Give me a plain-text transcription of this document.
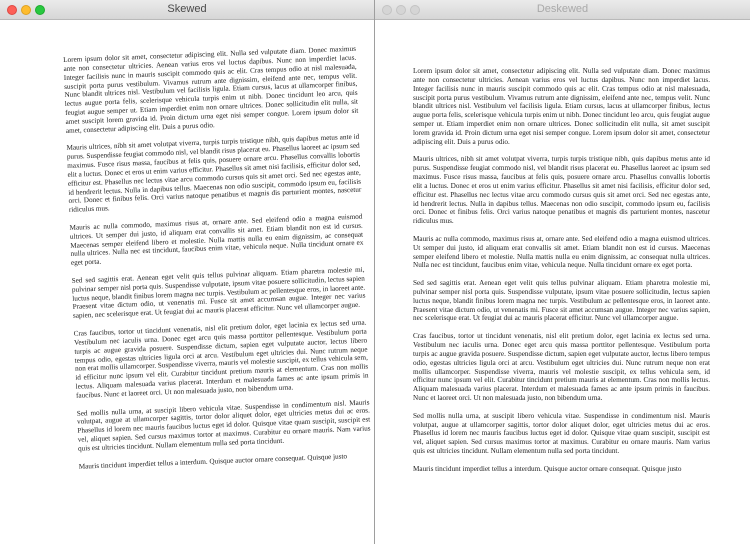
Skewed

Lorem ipsum dolor sit amet, consectetur adipiscing elit. Nulla sed vulputate diam. Donec maximus ante non consectetur ultricies. Aenean varius eros vel luctus dapibus. Nunc non imperdiet lacus. Integer facilisis nunc in mauris suscipit commodo quis ac elit. Cras tempus odio at nisl malesuada, suscipit porta purus vestibulum. Vivamus rutrum ante dignissim, eleifend ante nec, tempus velit. Nunc blandit ultrices nisl. Vestibulum vel facilisis ligula. Etiam cursus, lacus at ullamcorper finibus, lectus augue porta felis, scelerisque vehicula turpis enim ut nibh. Donec tincidunt leo arcu, quis feugiat augue semper ut. Etiam imperdiet enim non ornare ultrices. Donec sollicitudin elit nulla, sit amet suscipit lorem gravida id. Proin dictum urna eget nisi semper congue. Lorem ipsum dolor sit amet, consectetur adipiscing elit. Duis a purus odio.

Mauris ultrices, nibh sit amet volutpat viverra, turpis turpis tristique nibh, quis dapibus metus ante id purus. Suspendisse feugiat commodo nisl, vel blandit risus placerat eu. Phasellus laoreet ac ipsum sed maximus. Fusce risus massa, faucibus at felis quis, posuere ornare arcu. Phasellus convallis lobortis elit a luctus. Donec et eros ut enim varius efficitur. Phasellus sit amet nisi facilisis, efficitur dolor sed, efficitur est. Phasellus nec lectus vitae arcu commodo cursus quis sit amet orci. Sed nec egestas ante, id hendrerit lectus. Nulla in dapibus tellus. Maecenas non odio suscipit, commodo ipsum eu, facilisis orci. Donec et finibus felis. Orci varius natoque penatibus et magnis dis parturient montes, nascetur ridiculus mus.

Mauris ac nulla commodo, maximus risus at, ornare ante. Sed eleifend odio a magna euismod ultrices. Ut semper dui justo, id aliquam erat convallis sit amet. Etiam blandit non est id cursus. Maecenas semper eleifend libero et molestie. Nulla mattis nulla eu enim dignissim, ac consequat nulla ultrices. Nulla nec est tincidunt, faucibus enim vitae, vehicula neque. Nulla tincidunt ornare ex eget porta.

Sed sed sagittis erat. Aenean eget velit quis tellus pulvinar aliquam. Etiam pharetra molestie mi, pulvinar semper nisl porta quis. Suspendisse vulputate, ipsum vitae posuere sollicitudin, lectus sapien luctus neque, blandit finibus lorem magna nec turpis. Vestibulum ac pellentesque eros, in laoreet ante. Praesent vitae dictum odio, ut venenatis mi. Fusce sit amet accumsan augue. Integer nec varius sapien, nec scelerisque erat. Ut feugiat dui ac mauris placerat efficitur. Nunc vel ullamcorper augue.

Cras faucibus, tortor ut tincidunt venenatis, nisl elit pretium dolor, eget lacinia ex lectus sed urna. Vestibulum nec iaculis urna. Donec eget arcu quis massa porttitor pellentesque. Vestibulum porta turpis ac augue gravida posuere. Suspendisse dictum, sapien eget vulputate auctor, lectus libero tempus odio, egestas ultricies ligula orci at arcu. Vestibulum eget ultricies dui. Nunc rutrum neque non erat mollis ullamcorper. Suspendisse viverra, mauris vel molestie suscipit, ex tellus vehicula sem, id efficitur nunc ipsum vel elit. Curabitur tincidunt pretium mauris at elementum. Cras non mollis lectus. Aliquam malesuada varius placerat. Interdum et malesuada fames ac ante ipsum primis in faucibus. Nunc et laoreet orci. Ut non malesuada justo, non bibendum urna.

Sed mollis nulla urna, at suscipit libero vehicula vitae. Suspendisse in condimentum nisl. Mauris volutpat, augue at ullamcorper sagittis, tortor dolor aliquet dolor, eget ultricies metus dui ac eros. Phasellus id lorem nec mauris faucibus luctus eget id dolor. Quisque vitae quam suscipit, suscipit est vel, aliquet sapien. Sed cursus maximus tortor at maximus. Curabitur eu ornare mauris. Nam varius quis est ultricies tincidunt. Nullam elementum nulla sed porta tincidunt.

Mauris tincidunt imperdiet tellus a interdum. Quisque auctor ornare consequat. Quisque justo

Deskewed

Lorem ipsum dolor sit amet, consectetur adipiscing elit. Nulla sed vulputate diam. Donec maximus ante non consectetur ultricies. Aenean varius eros vel luctus dapibus. Nunc non imperdiet lacus. Integer facilisis nunc in mauris suscipit commodo quis ac elit. Cras tempus odio at nisl malesuada, suscipit porta purus vestibulum. Vivamus rutrum ante dignissim, eleifend ante nec, tempus velit. Nunc blandit ultrices nisl. Vestibulum vel facilisis ligula. Etiam cursus, lacus at ullamcorper finibus, lectus augue porta felis, scelerisque vehicula turpis enim ut nibh. Donec tincidunt leo arcu, quis feugiat augue semper ut. Etiam imperdiet enim non ornare ultrices. Donec sollicitudin elit nulla, sit amet suscipit lorem gravida id. Proin dictum urna eget nisi semper congue. Lorem ipsum dolor sit amet, consectetur adipiscing elit. Duis a purus odio.

Mauris ultrices, nibh sit amet volutpat viverra, turpis turpis tristique nibh, quis dapibus metus ante id purus. Suspendisse feugiat commodo nisl, vel blandit risus placerat eu. Phasellus laoreet ac ipsum sed maximus. Fusce risus massa, faucibus at felis quis, posuere ornare arcu. Phasellus convallis lobortis elit a luctus. Donec et eros ut enim varius efficitur. Phasellus sit amet nisi facilisis, efficitur dolor sed, efficitur est. Phasellus nec lectus vitae arcu commodo cursus quis sit amet orci. Sed nec egestas ante, id hendrerit lectus. Nulla in dapibus tellus. Maecenas non odio suscipit, commodo ipsum eu, facilisis orci. Donec et finibus felis. Orci varius natoque penatibus et magnis dis parturient montes, nascetur ridiculus mus.

Mauris ac nulla commodo, maximus risus at, ornare ante. Sed eleifend odio a magna euismod ultrices. Ut semper dui justo, id aliquam erat convallis sit amet. Etiam blandit non est id cursus. Maecenas semper eleifend libero et molestie. Nulla mattis nulla eu enim dignissim, ac consequat nulla ultrices. Nulla nec est tincidunt, faucibus enim vitae, vehicula neque. Nulla tincidunt ornare ex eget porta.

Sed sed sagittis erat. Aenean eget velit quis tellus pulvinar aliquam. Etiam pharetra molestie mi, pulvinar semper nisl porta quis. Suspendisse vulputate, ipsum vitae posuere sollicitudin, lectus sapien luctus neque, blandit finibus lorem magna nec turpis. Vestibulum ac pellentesque eros, in laoreet ante. Praesent vitae dictum odio, ut venenatis mi. Fusce sit amet accumsan augue. Integer nec varius sapien, nec scelerisque erat. Ut feugiat dui ac mauris placerat efficitur. Nunc vel ullamcorper augue.

Cras faucibus, tortor ut tincidunt venenatis, nisl elit pretium dolor, eget lacinia ex lectus sed urna. Vestibulum nec iaculis urna. Donec eget arcu quis massa porttitor pellentesque. Vestibulum porta turpis ac augue gravida posuere. Suspendisse dictum, sapien eget vulputate auctor, lectus libero tempus odio, egestas ultricies ligula orci at arcu. Vestibulum eget ultricies dui. Nunc rutrum neque non erat mollis ullamcorper. Suspendisse viverra, mauris vel molestie suscipit, ex tellus vehicula sem, id efficitur nunc ipsum vel elit. Curabitur tincidunt pretium mauris at elementum. Cras non mollis lectus. Aliquam malesuada varius placerat. Interdum et malesuada fames ac ante ipsum primis in faucibus. Nunc et laoreet orci. Ut non malesuada justo, non bibendum urna.

Sed mollis nulla urna, at suscipit libero vehicula vitae. Suspendisse in condimentum nisl. Mauris volutpat, augue at ullamcorper sagittis, tortor dolor aliquet dolor, eget ultricies metus dui ac eros. Phasellus id lorem nec mauris faucibus luctus eget id dolor. Quisque vitae quam suscipit, suscipit est vel, aliquet sapien. Sed cursus maximus tortor at maximus. Curabitur eu ornare mauris. Nam varius quis est ultricies tincidunt. Nullam elementum nulla sed porta tincidunt.

Mauris tincidunt imperdiet tellus a interdum. Quisque auctor ornare consequat. Quisque justo
